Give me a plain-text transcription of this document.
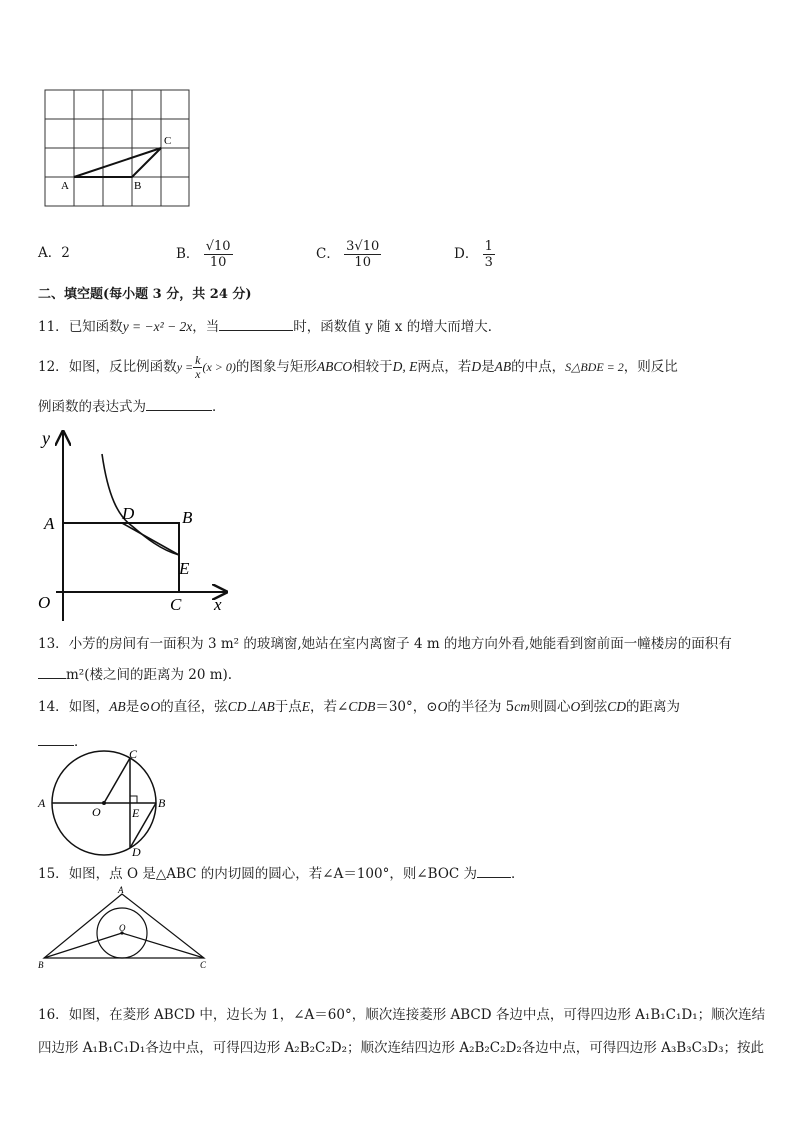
A	B
C
A．2	B． $\frac{√10}{10}$	C． $\frac{3√10}{10}$	D． $\frac{1}{3}$
二、填空题(每小题 3 分，共 24 分)
11．已知函数y = −x² − 2x，当	时，函数值 y 随 x 的增大而增大．
12．如图，反比例函数$y = \frac{k}{x} (x > 0)$的图象与矩形ABCO相较于D, E两点，若D是AB的中点，S△BDE = 2，则反比
例函数的表达式为	．
y
x
A	B
D
E
O	C
13．小芳的房间有一面积为 3 m² 的玻璃窗,她站在室内离窗子 4 m 的地方向外看,她能看到窗前面一幢楼房的面积有
m²(楼之间的距离为 20 m).
14．如图，AB是⊙O的直径，弦CD⊥AB于点E，若∠CDB＝30°，⊙O的半径为 5cm则圆心O到弦CD的距离为
．
A	B
C
D
E
O
15．如图，点 O 是△ABC 的内切圆的圆心，若∠A＝100°，则∠BOC 为	．
A
B	C
O
16．如图，在菱形 ABCD 中，边长为 1，∠A＝60°，顺次连接菱形 ABCD 各边中点，可得四边形 A₁B₁C₁D₁；顺次连结
四边形 A₁B₁C₁D₁各边中点，可得四边形 A₂B₂C₂D₂；顺次连结四边形 A₂B₂C₂D₂各边中点，可得四边形 A₃B₃C₃D₃；按此
